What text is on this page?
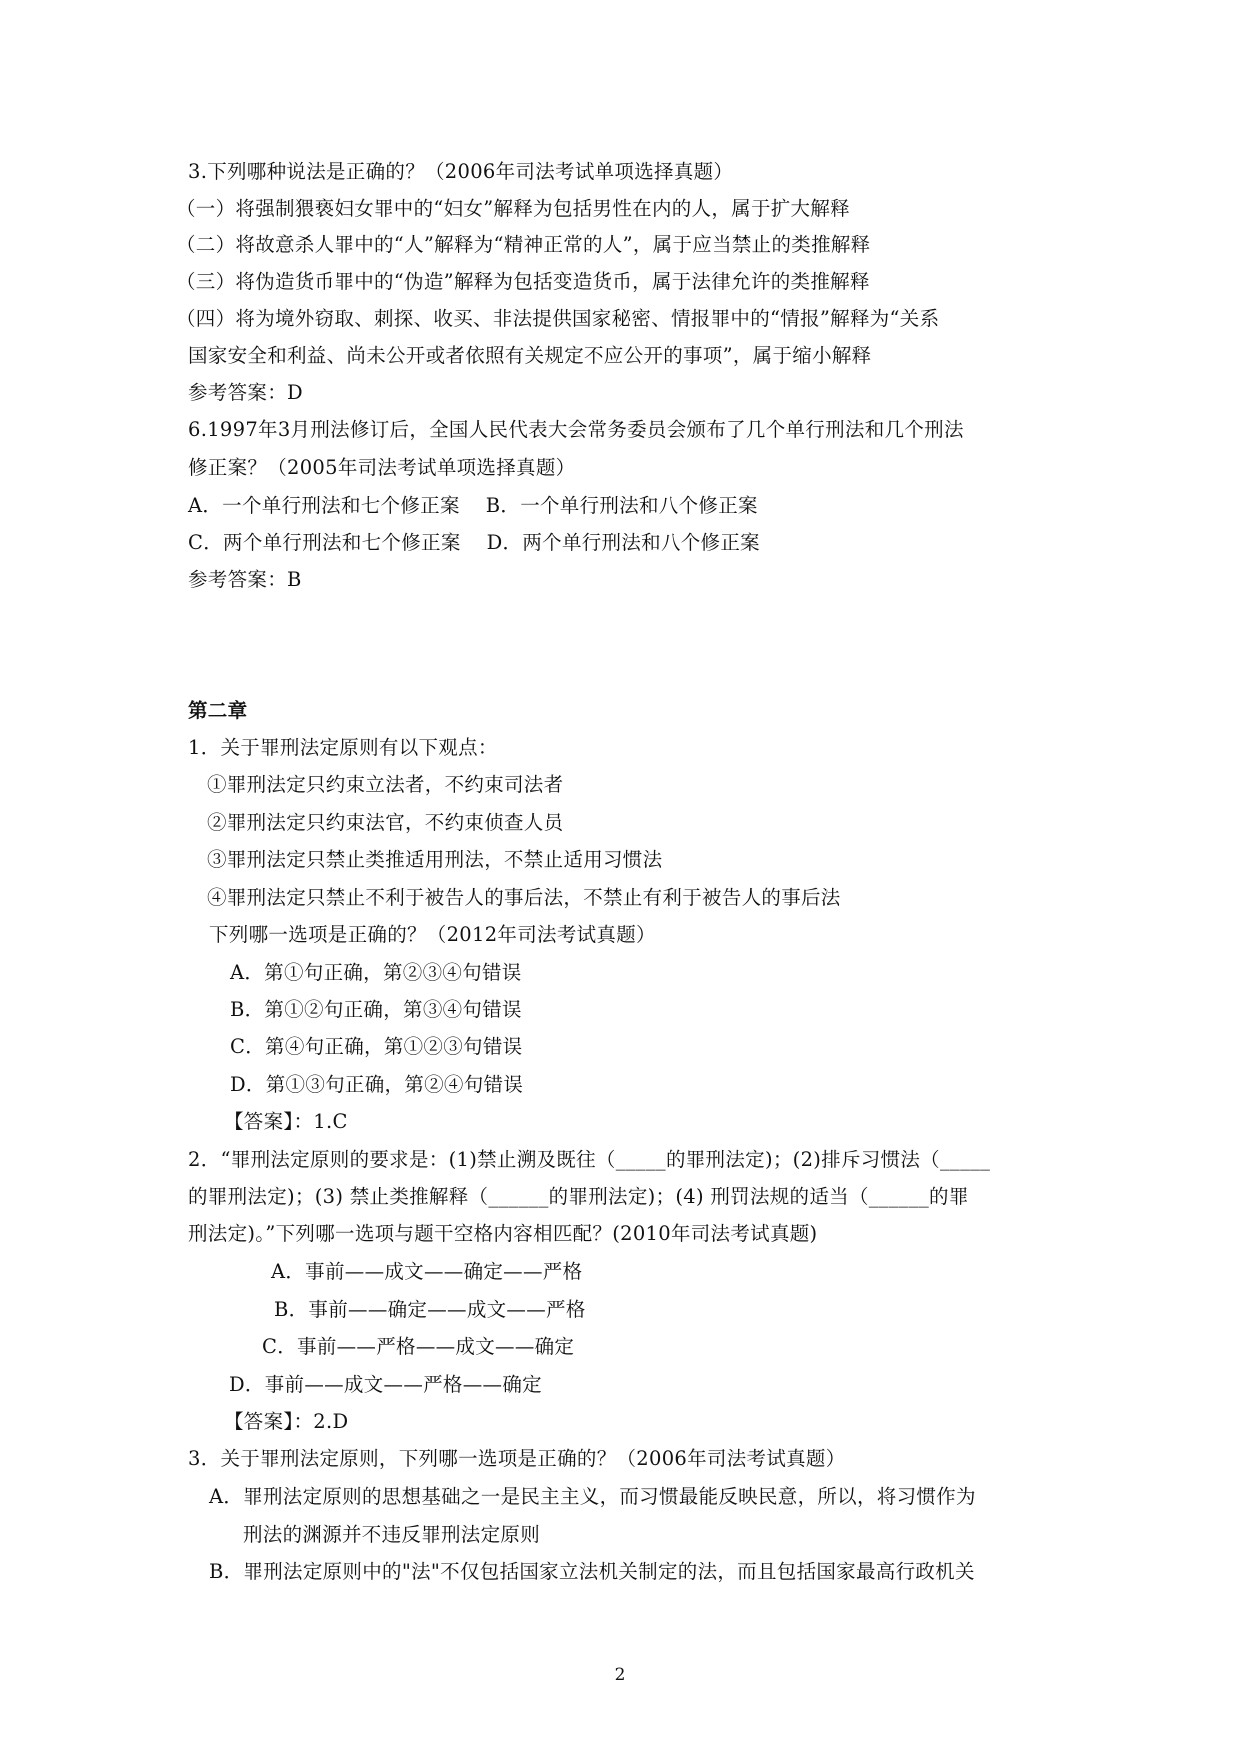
3.下列哪种说法是正确的？（2006年司法考试单项选择真题）
（一）将强制猥亵妇女罪中的“妇女”解释为包括男性在内的人，属于扩大解释
（二）将故意杀人罪中的“人”解释为“精神正常的人”，属于应当禁止的类推解释
（三）将伪造货币罪中的“伪造”解释为包括变造货币，属于法律允许的类推解释
（四）将为境外窃取、刺探、收买、非法提供国家秘密、情报罪中的“情报”解释为“关系
国家安全和利益、尚未公开或者依照有关规定不应公开的事项”，属于缩小解释
参考答案：D
6.1997年3月刑法修订后，全国人民代表大会常务委员会颁布了几个单行刑法和几个刑法
修正案？（2005年司法考试单项选择真题）
A．一个单行刑法和七个修正案    B．一个单行刑法和八个修正案
C．两个单行刑法和七个修正案    D．两个单行刑法和八个修正案
参考答案：B
第二章
1．关于罪刑法定原则有以下观点：
①罪刑法定只约束立法者，不约束司法者
②罪刑法定只约束法官，不约束侦查人员
③罪刑法定只禁止类推适用刑法，不禁止适用习惯法
④罪刑法定只禁止不利于被告人的事后法，不禁止有利于被告人的事后法
下列哪一选项是正确的？（2012年司法考试真题）
A．第①句正确，第②③④句错误
B．第①②句正确，第③④句错误
C．第④句正确，第①②③句错误
D．第①③句正确，第②④句错误
【答案】：1.C
2．“罪刑法定原则的要求是：(1)禁止溯及既往（_____的罪刑法定)；(2)排斥习惯法（_____
的罪刑法定)；(3) 禁止类推解释（______的罪刑法定)；(4) 刑罚法规的适当（______的罪
刑法定)。”下列哪一选项与题干空格内容相匹配？(2010年司法考试真题)
A．事前——成文——确定——严格
B．事前——确定——成文——严格
C．事前——严格——成文——确定
D．事前——成文——严格——确定
【答案】：2.D
3．关于罪刑法定原则，下列哪一选项是正确的？（2006年司法考试真题）
A．罪刑法定原则的思想基础之一是民主主义，而习惯最能反映民意，所以，将习惯作为
刑法的渊源并不违反罪刑法定原则
B．罪刑法定原则中的"法"不仅包括国家立法机关制定的法，而且包括国家最高行政机关
2
